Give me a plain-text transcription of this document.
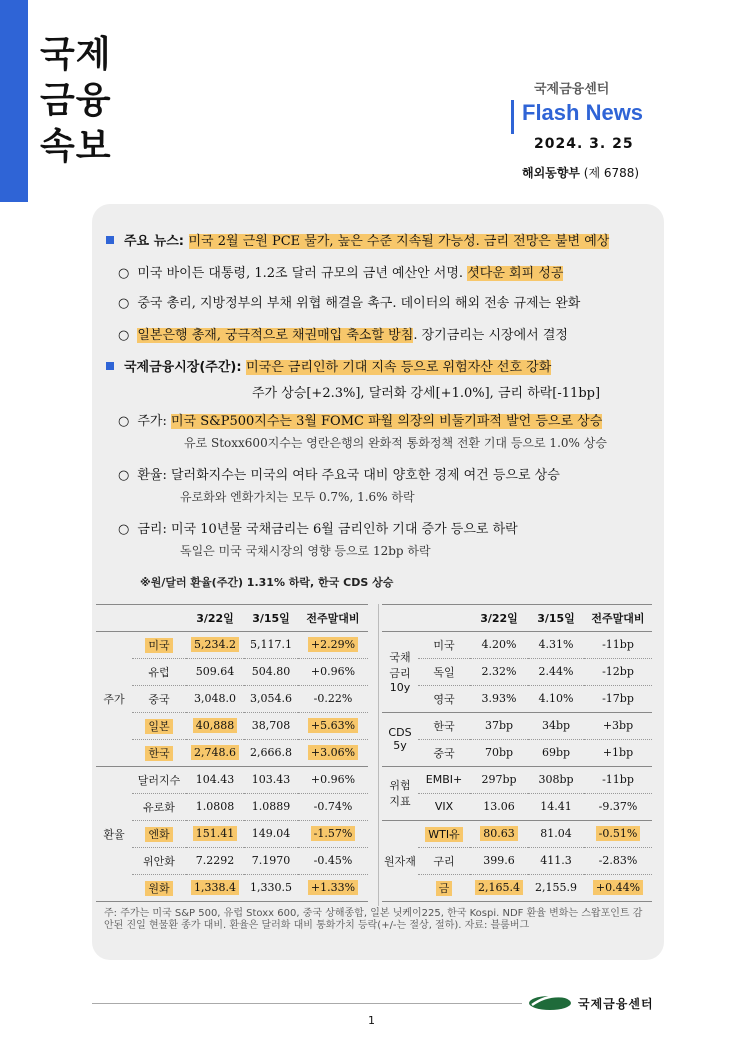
국제
금융
속보
국제금융센터
Flash News
2024. 3. 25
해외동향부 (제 6788)
주요 뉴스: 미국 2월 근원 PCE 물가, 높은 수준 지속될 가능성. 금리 전망은 불변 예상
○ 미국 바이든 대통령, 1.2조 달러 규모의 금년 예산안 서명. 셧다운 회피 성공
○ 중국 총리, 지방정부의 부채 위협 해결을 촉구. 데이터의 해외 전송 규제는 완화
○ 일본은행 총재, 궁극적으로 채권매입 축소할 방침. 장기금리는 시장에서 결정
국제금융시장(주간): 미국은 금리인하 기대 지속 등으로 위험자산 선호 강화
주가 상승[+2.3%], 달러화 강세[+1.0%], 금리 하락[-11bp]
○ 주가: 미국 S&P500지수는 3월 FOMC 파월 의장의 비둘기파적 발언 등으로 상승
유로 Stoxx600지수는 영란은행의 완화적 통화정책 전환 기대 등으로 1.0% 상승
○ 환율: 달러화지수는 미국의 여타 주요국 대비 양호한 경제 여건 등으로 상승
유로화와 엔화가치는 모두 0.7%, 1.6% 하락
○ 금리: 미국 10년물 국채금리는 6월 금리인하 기대 증가 등으로 하락
독일은 미국 국채시장의 영향 등으로 12bp 하락
※원/달러 환율(주간) 1.31% 하락, 한국 CDS 상승
		3/22일	3/15일	전주말대비
주가	미국	5,234.2	5,117.1	+2.29%
	유럽	509.64	504.80	+0.96%
	중국	3,048.0	3,054.6	-0.22%
	일본	40,888	38,708	+5.63%
	한국	2,748.6	2,666.8	+3.06%
환율	달러지수	104.43	103.43	+0.96%
	유로화	1.0808	1.0889	-0.74%
	엔화	151.41	149.04	-1.57%
	위안화	7.2292	7.1970	-0.45%
	원화	1,338.4	1,330.5	+1.33%
		3/22일	3/15일	전주말대비
국채
금리
10y	미국	4.20%	4.31%	-11bp
	독일	2.32%	2.44%	-12bp
	영국	3.93%	4.10%	-17bp
CDS
5y	한국	37bp	34bp	+3bp
	중국	70bp	69bp	+1bp
위험
지표	EMBI+	297bp	308bp	-11bp
	VIX	13.06	14.41	-9.37%
원자재	WTI유	80.63	81.04	-0.51%
	구리	399.6	411.3	-2.83%
	금	2,165.4	2,155.9	+0.44%
주: 주가는 미국 S&P 500, 유럽 Stoxx 600, 중국 상해종합, 일본 닛케이225, 한국 Kospi. NDF 환율 변화는 스왑포인트 감안된 진일 현물환 종가 대비. 환율은 달러화 대비 통화가치 등락(+/-는 절상, 절하). 자료: 블룸버그
국제금융센터
1
